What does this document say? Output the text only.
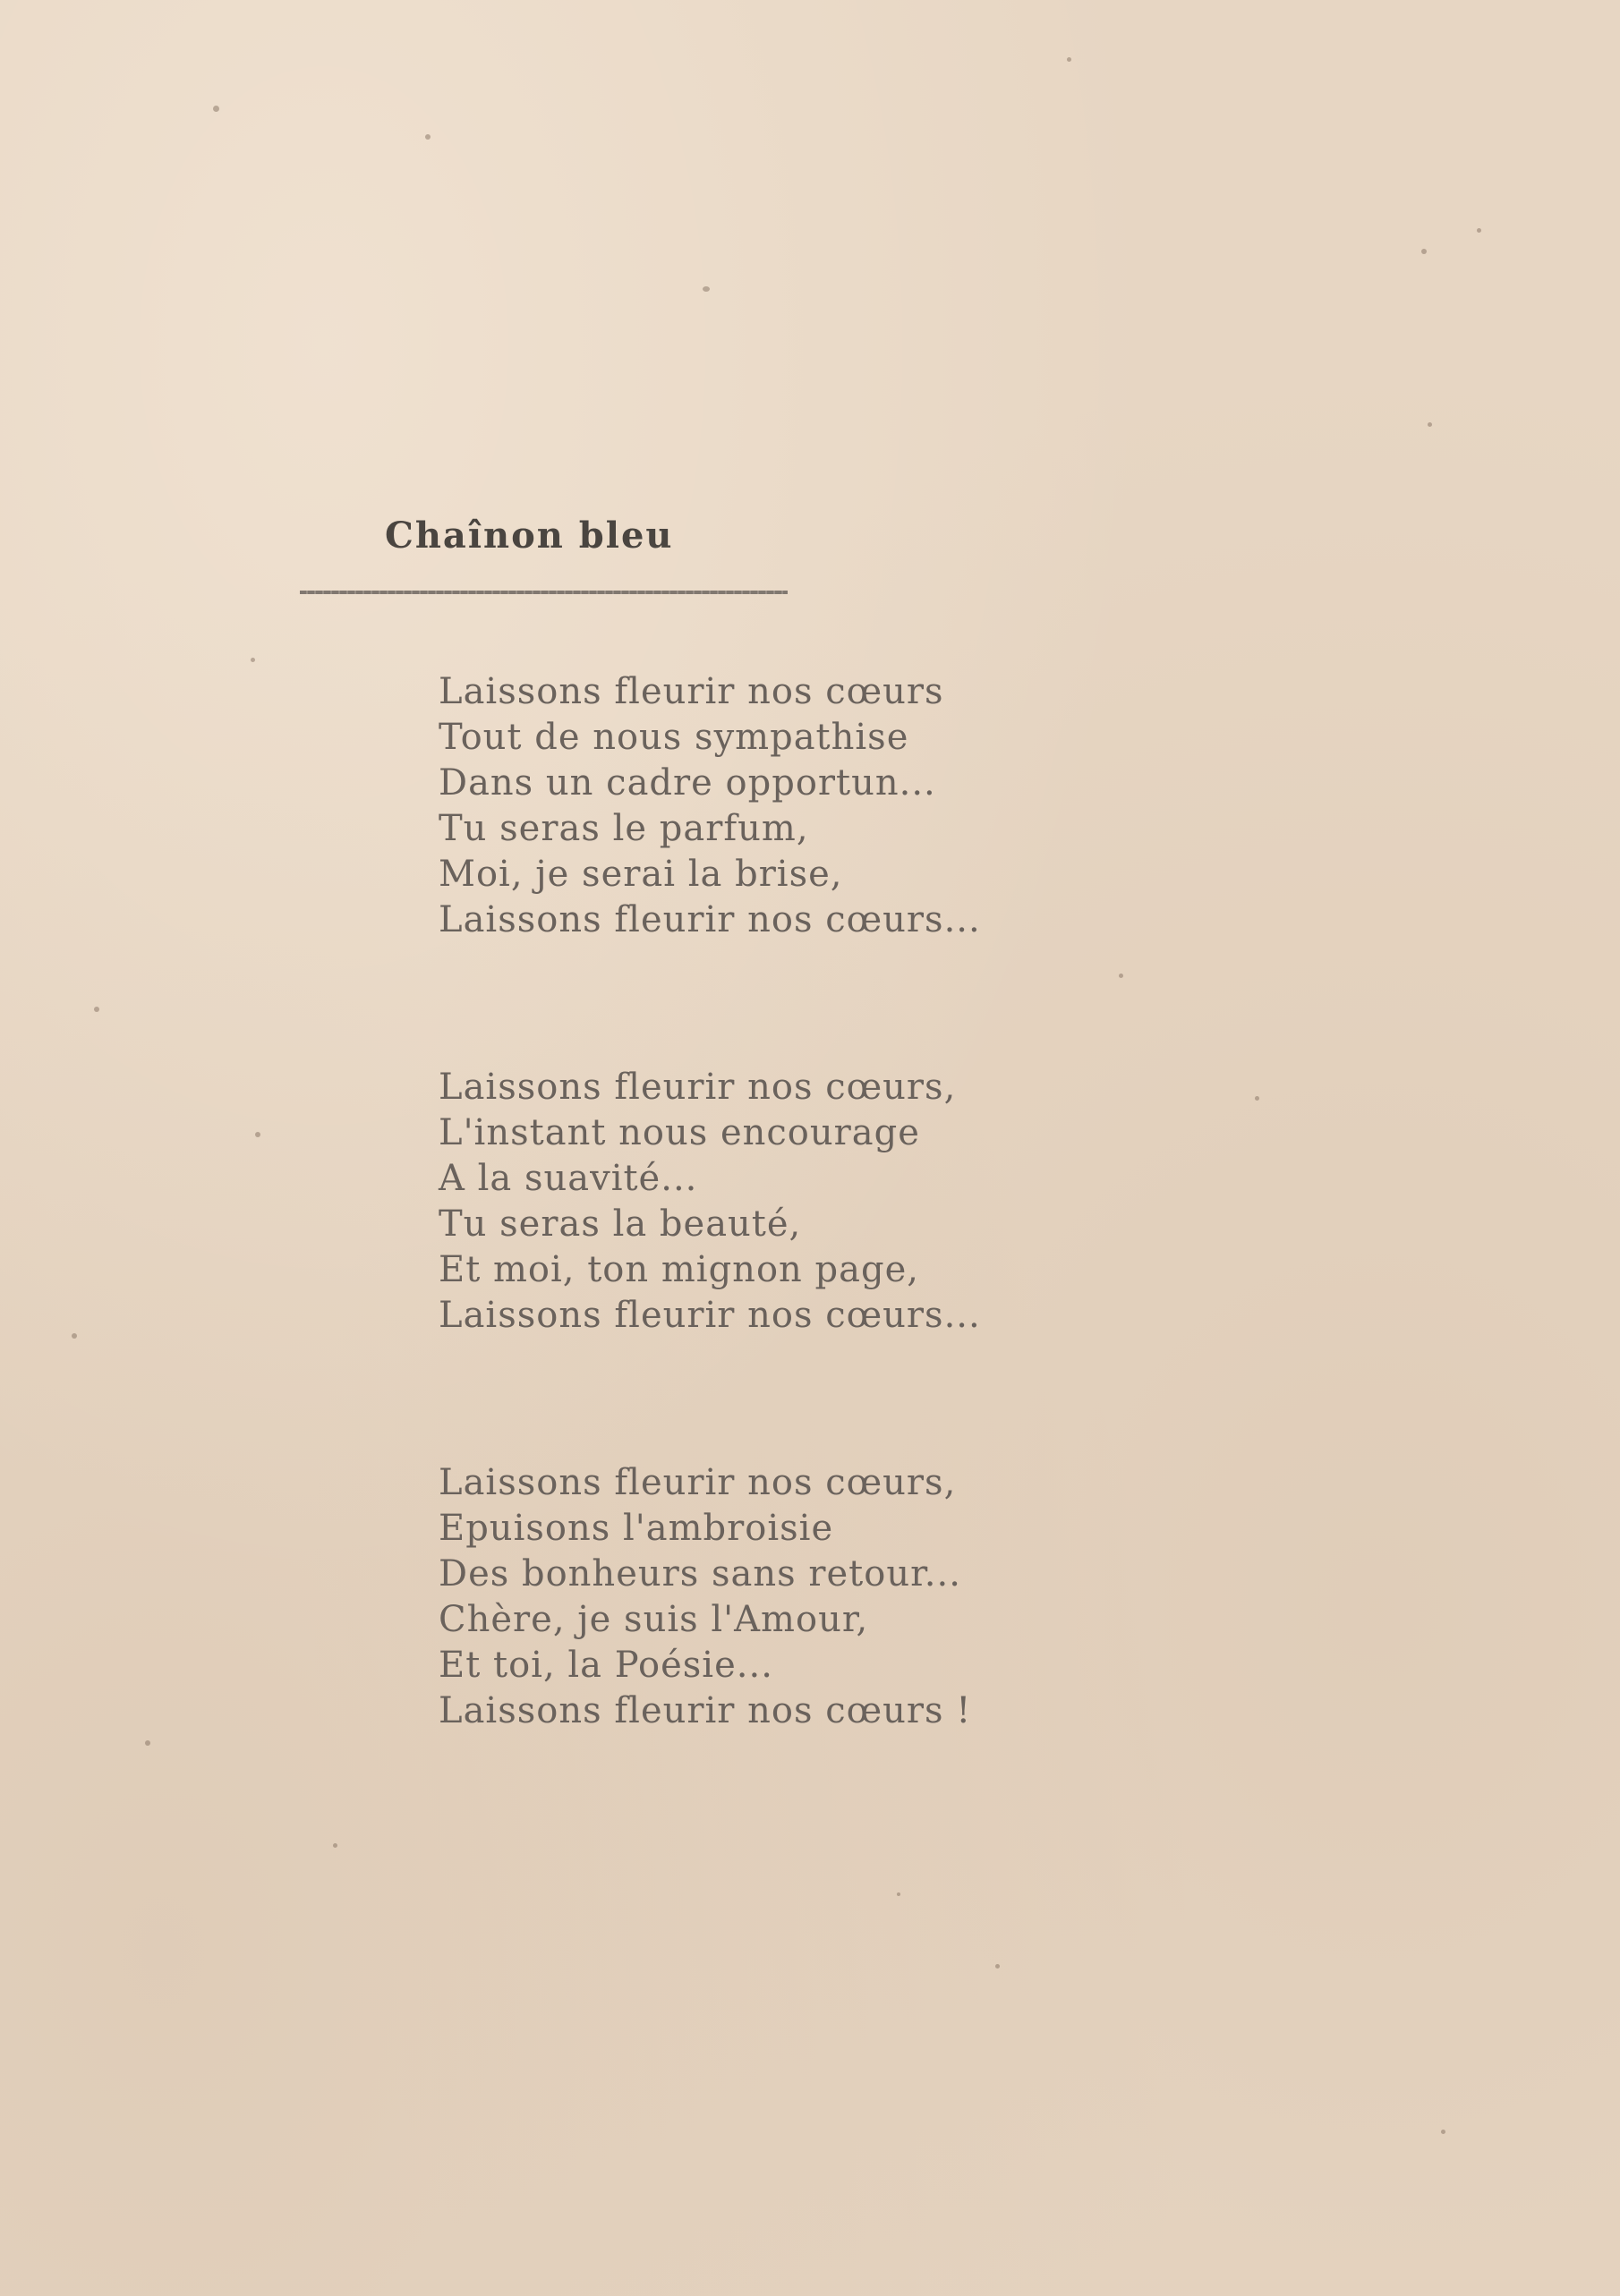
Chaînon bleu
Laissons fleurir nos cœurs
Tout de nous sympathise
Dans un cadre opportun...
Tu seras le parfum,
Moi, je serai la brise,
Laissons fleurir nos cœurs...
Laissons fleurir nos cœurs,
L'instant nous encourage
A la suavité...
Tu seras la beauté,
Et moi, ton mignon page,
Laissons fleurir nos cœurs...
Laissons fleurir nos cœurs,
Epuisons l'ambroisie
Des bonheurs sans retour...
Chère, je suis l'Amour,
Et toi, la Poésie...
Laissons fleurir nos cœurs !
